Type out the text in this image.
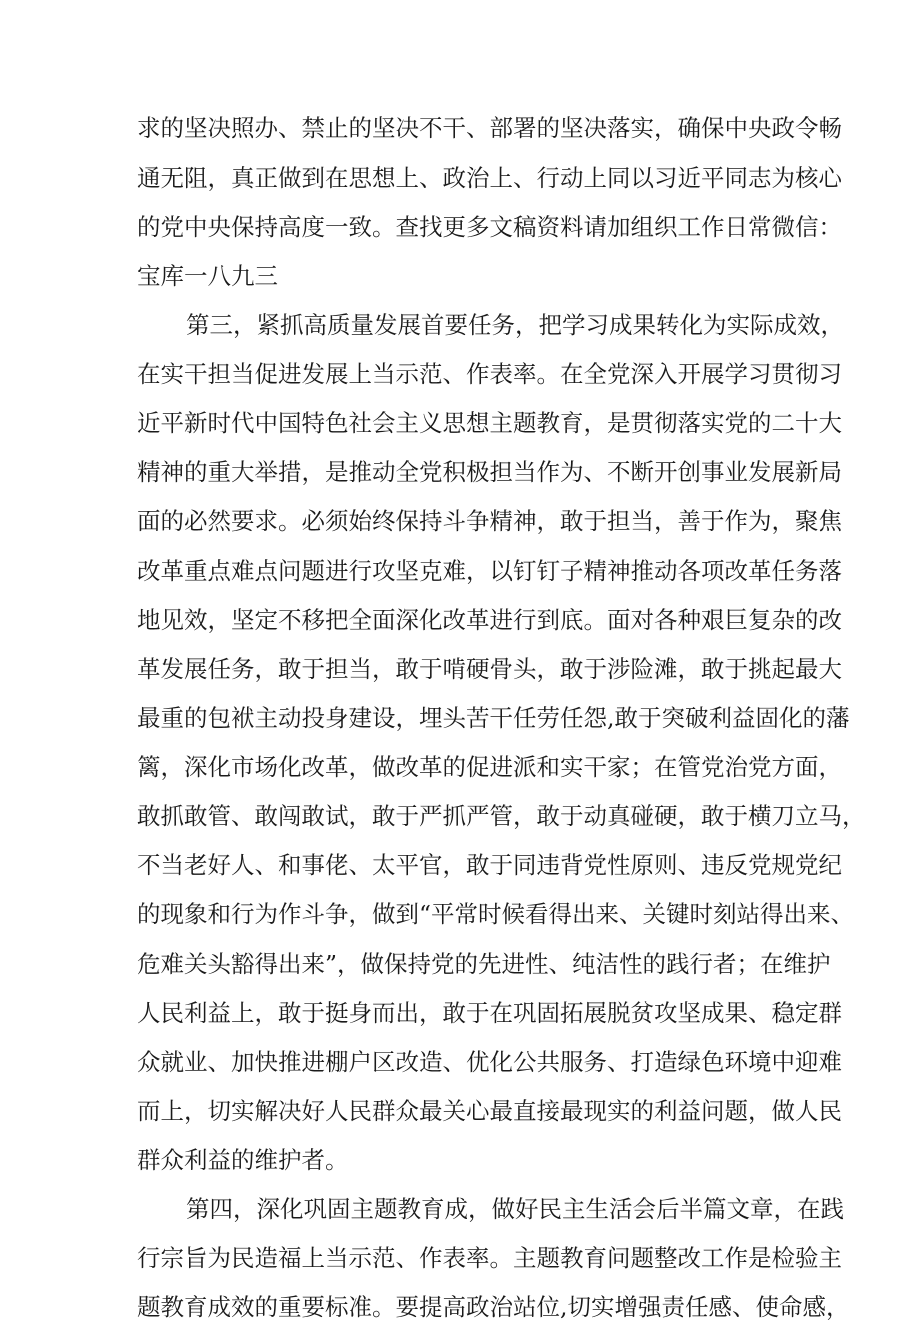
求的坚决照办、禁止的坚决不干、部署的坚决落实，确保中央政令畅
通无阻，真正做到在思想上、政治上、行动上同以习近平同志为核心
的党中央保持高度一致。查找更多文稿资料请加组织工作日常微信：
宝库一八九三
第三，紧抓高质量发展首要任务，把学习成果转化为实际成效，
在实干担当促进发展上当示范、作表率。在全党深入开展学习贯彻习
近平新时代中国特色社会主义思想主题教育，是贯彻落实党的二十大
精神的重大举措，是推动全党积极担当作为、不断开创事业发展新局
面的必然要求。必须始终保持斗争精神，敢于担当，善于作为，聚焦
改革重点难点问题进行攻坚克难，以钉钉子精神推动各项改革任务落
地见效，坚定不移把全面深化改革进行到底。面对各种艰巨复杂的改
革发展任务，敢于担当，敢于啃硬骨头，敢于涉险滩，敢于挑起最大
最重的包袱主动投身建设，埋头苦干任劳任怨,敢于突破利益固化的藩
篱，深化市场化改革，做改革的促进派和实干家；在管党治党方面，
敢抓敢管、敢闯敢试，敢于严抓严管，敢于动真碰硬，敢于横刀立马，
不当老好人、和事佬、太平官，敢于同违背党性原则、违反党规党纪
的现象和行为作斗争，做到“平常时候看得出来、关键时刻站得出来、
危难关头豁得出来”，做保持党的先进性、纯洁性的践行者；在维护
人民利益上，敢于挺身而出，敢于在巩固拓展脱贫攻坚成果、稳定群
众就业、加快推进棚户区改造、优化公共服务、打造绿色环境中迎难
而上，切实解决好人民群众最关心最直接最现实的利益问题，做人民
群众利益的维护者。
第四，深化巩固主题教育成，做好民主生活会后半篇文章，在践
行宗旨为民造福上当示范、作表率。主题教育问题整改工作是检验主
题教育成效的重要标准。要提高政治站位,切实增强责任感、使命感，
